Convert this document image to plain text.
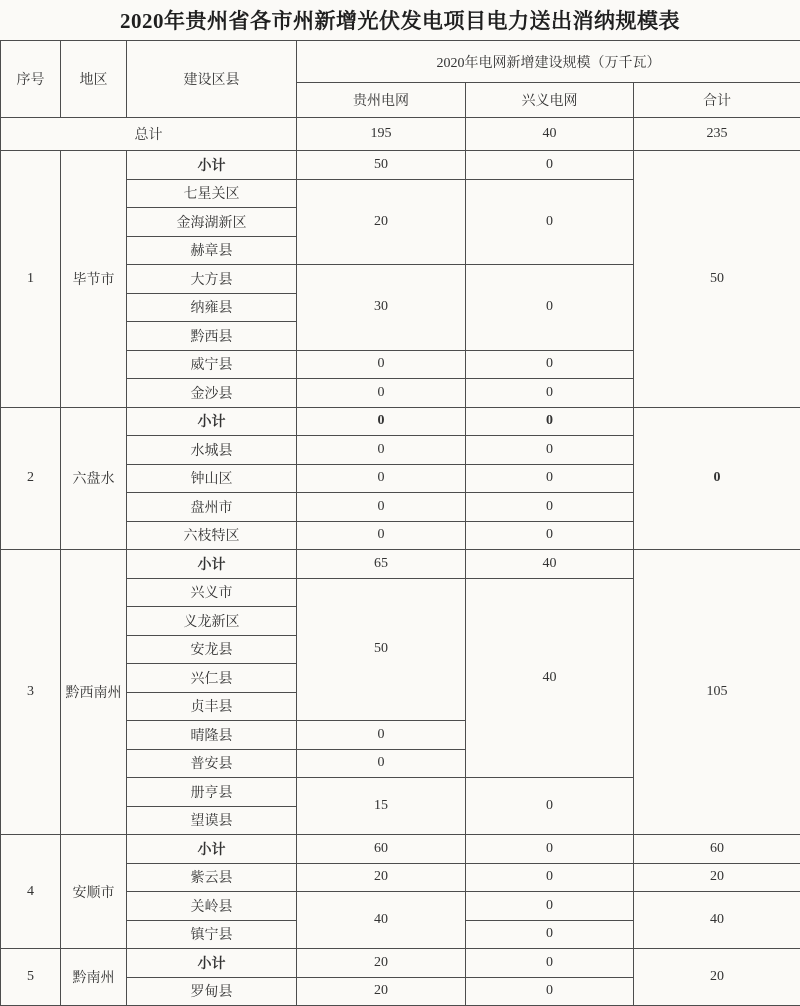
2020年贵州省各市州新增光伏发电项目电力送出消纳规模表
序号	地区	建设区县	2020年电网新增建设规模（万千瓦）		
			贵州电网	兴义电网	合计
总计			195	40	235
1	毕节市	小计	50	0	50
		七星关区	20	0	
		金海湖新区			
		赫章县			
		大方县	30	0	
		纳雍县			
		黔西县			
		威宁县	0	0	
		金沙县	0	0	
2	六盘水	小计	0	0	0
		水城县	0	0	
		钟山区	0	0	
		盘州市	0	0	
		六枝特区	0	0	
3	黔西南州	小计	65	40	105
		兴义市	50	40	
		义龙新区			
		安龙县			
		兴仁县			
		贞丰县			
		晴隆县	0		
		普安县	0		
		册亨县	15	0	
		望谟县			
4	安顺市	小计	60	0	60
		紫云县	20	0	20
		关岭县	40	0	40
		镇宁县		0	
5	黔南州	小计	20	0	20
		罗甸县	20	0	
